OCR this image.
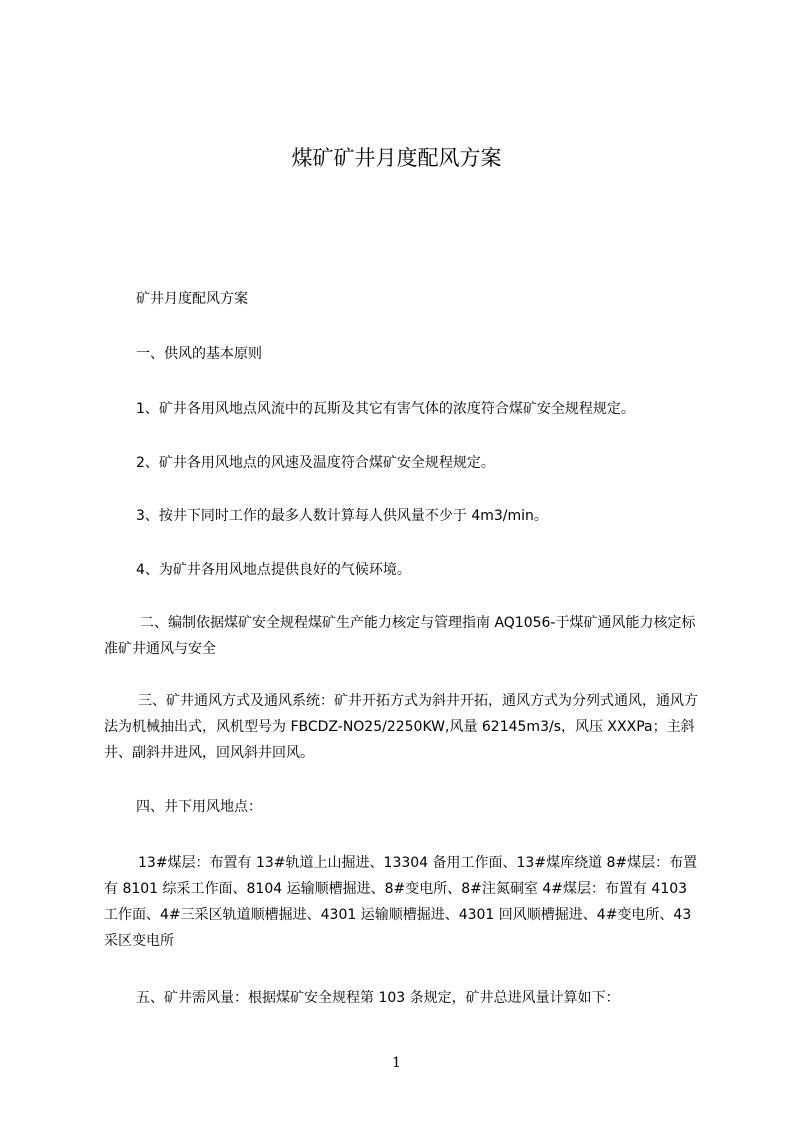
煤矿矿井月度配风方案
矿井月度配风方案
一、供风的基本原则
1、矿井各用风地点风流中的瓦斯及其它有害气体的浓度符合煤矿安全规程规定。
2、矿井各用风地点的风速及温度符合煤矿安全规程规定。
3、按井下同时工作的最多人数计算每人供风量不少于 4m3/min。
4、为矿井各用风地点提供良好的气候环境。
二、编制依据煤矿安全规程煤矿生产能力核定与管理指南 AQ1056-于煤矿通风能力核定标准矿井通风与安全
三、矿井通风方式及通风系统：矿井开拓方式为斜井开拓，通风方式为分列式通风，通风方法为机械抽出式，风机型号为 FBCDZ-NO25/2250KW,风量 62145m3/s，风压 XXXPa；主斜井、副斜井进风，回风斜井回风。
四、井下用风地点：
13#煤层：布置有 13#轨道上山掘进、13304 备用工作面、13#煤库绕道 8#煤层：布置有 8101 综采工作面、8104 运输顺槽掘进、8#变电所、8#注氮硐室 4#煤层：布置有 4103 工作面、4#三采区轨道顺槽掘进、4301 运输顺槽掘进、4301 回风顺槽掘进、4#变电所、43 采区变电所
五、矿井需风量：根据煤矿安全规程第 103 条规定，矿井总进风量计算如下：
1
